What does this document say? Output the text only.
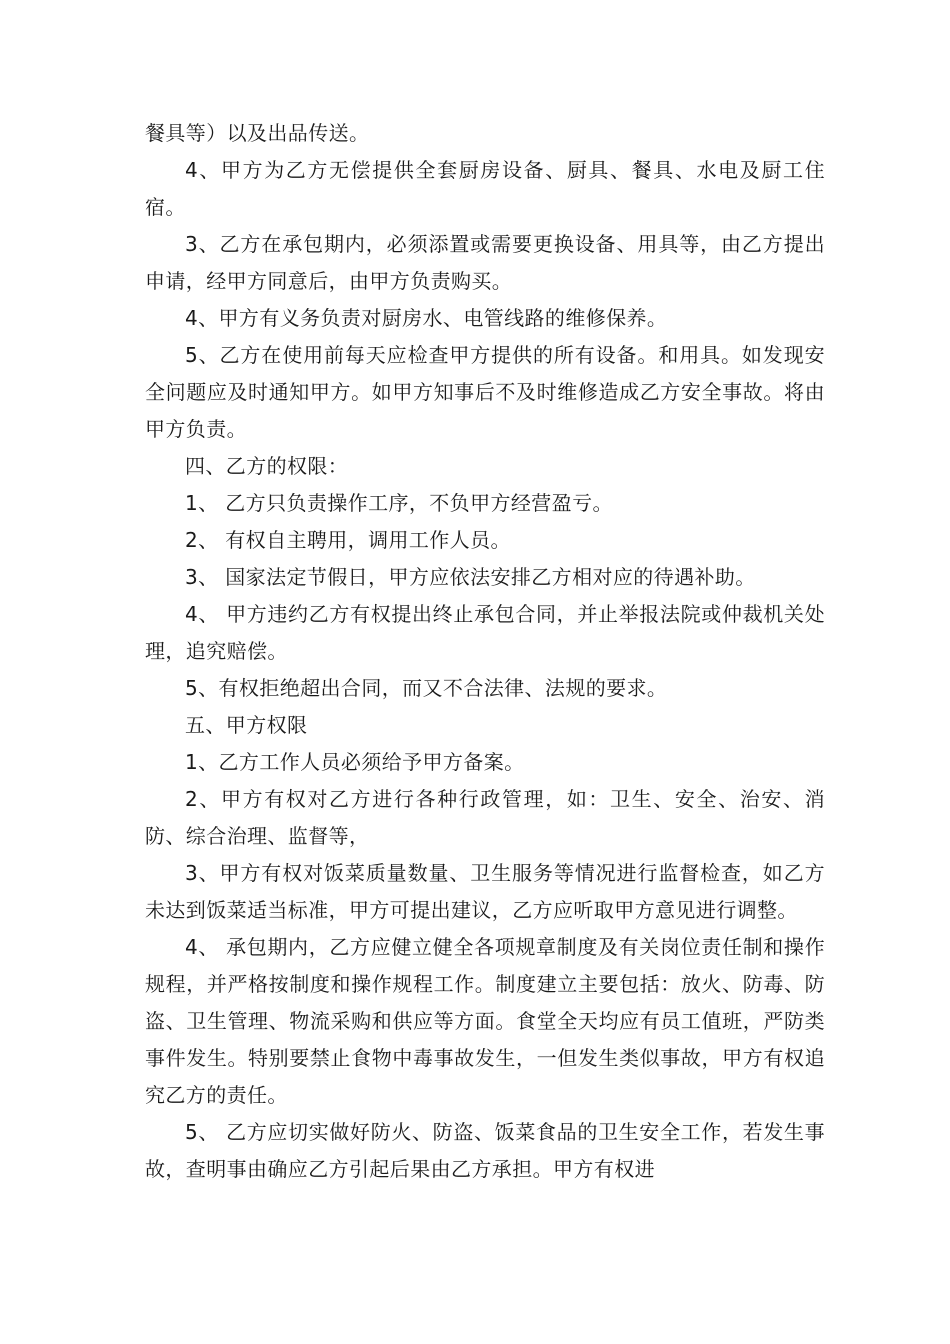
餐具等）以及出品传送。

4、甲方为乙方无偿提供全套厨房设备、厨具、餐具、水电及厨工住宿。

3、乙方在承包期内，必须添置或需要更换设备、用具等，由乙方提出申请，经甲方同意后，由甲方负责购买。

4、甲方有义务负责对厨房水、电管线路的维修保养。

5、乙方在使用前每天应检查甲方提供的所有设备。和用具。如发现安全问题应及时通知甲方。如甲方知事后不及时维修造成乙方安全事故。将由甲方负责。

四、乙方的权限：

1、 乙方只负责操作工序，不负甲方经营盈亏。

2、 有权自主聘用，调用工作人员。

3、 国家法定节假日，甲方应依法安排乙方相对应的待遇补助。

4、 甲方违约乙方有权提出终止承包合同，并止举报法院或仲裁机关处理，追究赔偿。

5、有权拒绝超出合同，而又不合法律、法规的要求。

五、甲方权限

1、乙方工作人员必须给予甲方备案。

2、甲方有权对乙方进行各种行政管理，如：卫生、安全、治安、消防、综合治理、监督等，

3、甲方有权对饭菜质量数量、卫生服务等情况进行监督检查，如乙方未达到饭菜适当标准，甲方可提出建议，乙方应听取甲方意见进行调整。

4、 承包期内，乙方应健立健全各项规章制度及有关岗位责任制和操作规程，并严格按制度和操作规程工作。制度建立主要包括：放火、防毒、防盗、卫生管理、物流采购和供应等方面。食堂全天均应有员工值班，严防类事件发生。特别要禁止食物中毒事故发生，一但发生类似事故，甲方有权追究乙方的责任。

5、 乙方应切实做好防火、防盗、饭菜食品的卫生安全工作，若发生事故，查明事由确应乙方引起后果由乙方承担。甲方有权进
